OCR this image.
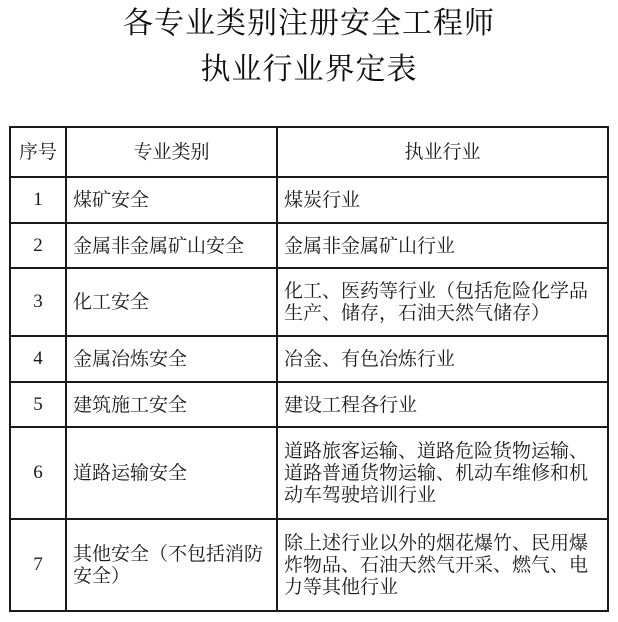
各专业类别注册安全工程师
执业行业界定表
序号	专业类别	执业行业
1	煤矿安全	煤炭行业
2	金属非金属矿山安全	金属非金属矿山行业
3	化工安全	化工、医药等行业（包括危险化学品生产、储存，石油天然气储存）
4	金属冶炼安全	冶金、有色冶炼行业
5	建筑施工安全	建设工程各行业
6	道路运输安全	道路旅客运输、道路危险货物运输、道路普通货物运输、机动车维修和机动车驾驶培训行业
7	其他安全（不包括消防安全）	除上述行业以外的烟花爆竹、民用爆炸物品、石油天然气开采、燃气、电力等其他行业
